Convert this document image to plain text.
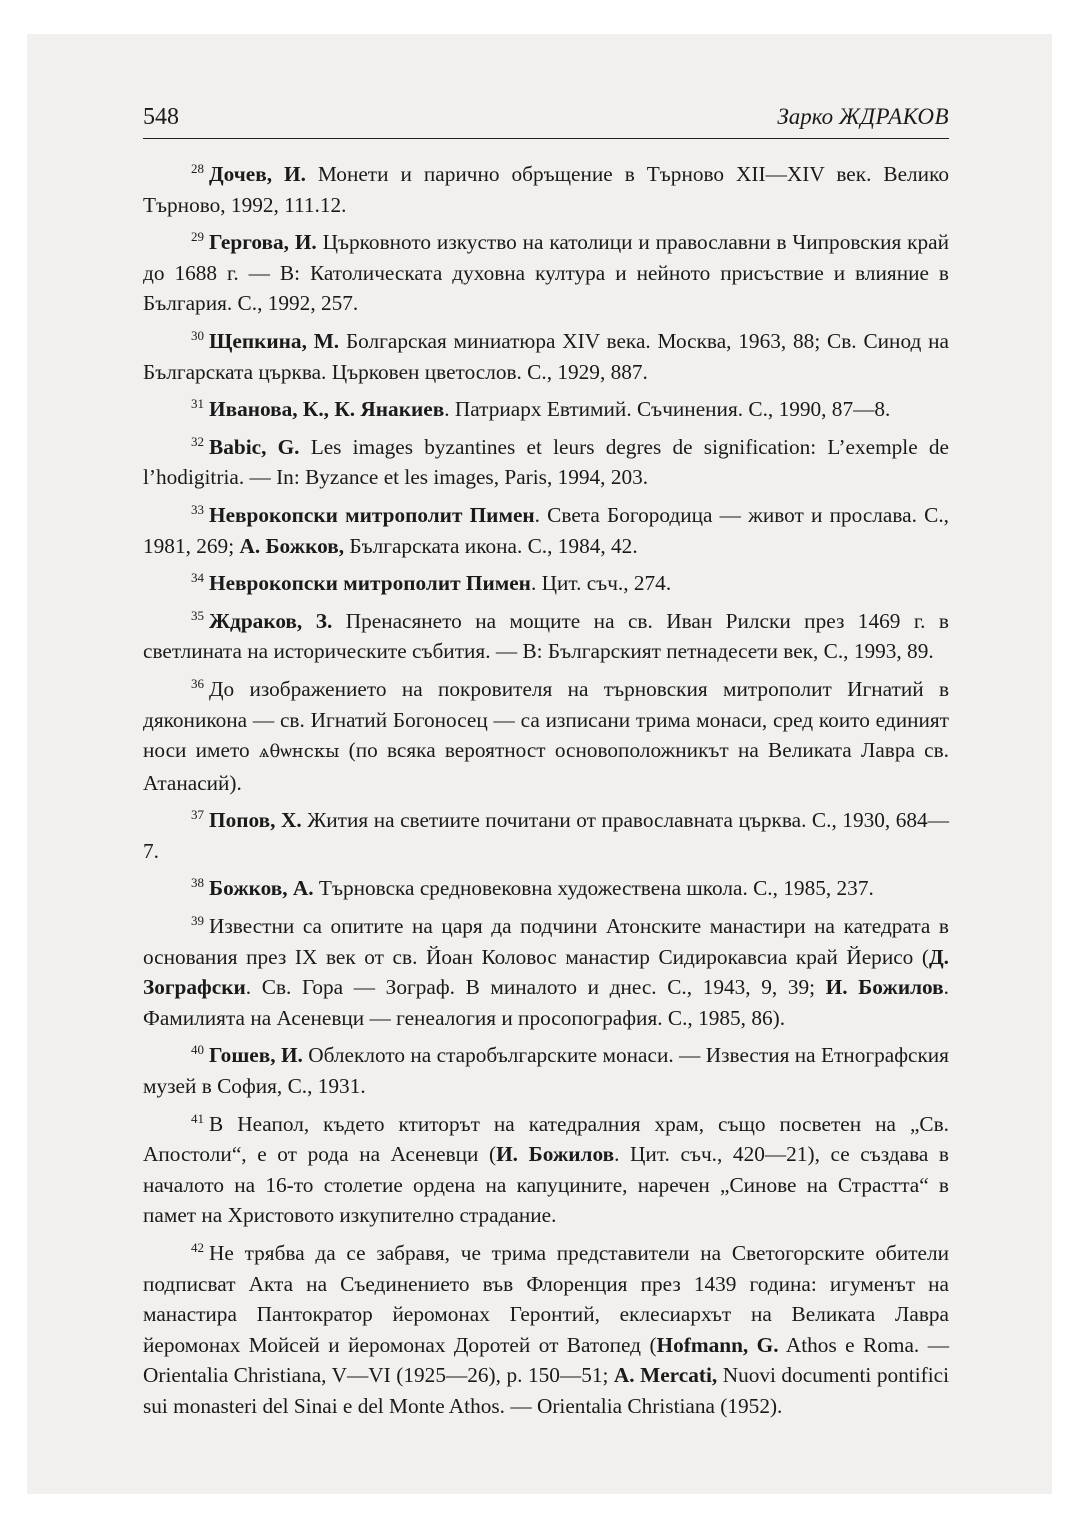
548	Зарко ЖДРАКОВ

$^{28}$ Дочев, И. Монети и парично обръщение в Търново XII—XIV век. Велико Търново, 1992, 111.12.

$^{29}$ Гергова, И. Църковното изкуство на католици и православни в Чипровския край до 1688 г. — В: Католическата духовна култура и нейното присъствие и влияние в България. С., 1992, 257.

$^{30}$ Щепкина, М. Болгарская миниатюра XIV века. Москва, 1963, 88; Св. Синод на Българската църква. Църковен цветослов. С., 1929, 887.

$^{31}$ Иванова, К., К. Янакиев. Патриарх Евтимий. Съчинения. С., 1990, 87—8.

$^{32}$ Babic, G. Les images byzantines et leurs degres de signification: L’exemple de l’hodigitria. — In: Byzance et les images, Paris, 1994, 203.

$^{33}$ Неврокопски митрополит Пимен. Света Богородица — живот и прослава. С., 1981, 269; А. Божков, Българската икона. С., 1984, 42.

$^{34}$ Неврокопски митрополит Пимен. Цит. съч., 274.

$^{35}$ Ждраков, З. Пренасянето на мощите на св. Иван Рилски през 1469 г. в светлината на историческите събития. — В: Българският петнадесети век, С., 1993, 89.

$^{36}$ До изображението на покровителя на търновския митрополит Игнатий в дяконикона — св. Игнатий Богоносец — са изписани трима монаси, сред които единият носи името ѧθѡнскы (по всяка вероятност основоположникът на Великата Лавра св. Атанасий).

$^{37}$ Попов, Х. Жития на светиите почитани от православната църква. С., 1930, 684—7.

$^{38}$ Божков, А. Търновска средновековна художествена школа. С., 1985, 237.

$^{39}$ Известни са опитите на царя да подчини Атонските манастири на катедрата в основания през IX век от св. Йоан Коловос манастир Сидирокавсиа край Йерисо (Д. Зографски. Св. Гора — Зограф. В миналото и днес. С., 1943, 9, 39; И. Божилов. Фамилията на Асеневци — генеалогия и просопография. С., 1985, 86).

$^{40}$ Гошев, И. Облеклото на старобългарските монаси. — Известия на Етнографския музей в София, С., 1931.

$^{41}$ В Неапол, където ктиторът на катедралния храм, също посветен на „Св. Апостоли“, е от рода на Асеневци (И. Божилов. Цит. съч., 420—21), се създава в началото на 16-то столетие ордена на капуцините, наречен „Синове на Страстта“ в памет на Христовото изкупително страдание.

$^{42}$ Не трябва да се забравя, че трима представители на Светогорските обители подписват Акта на Съединението във Флоренция през 1439 година: игуменът на манастира Пантократор йеромонах Геронтий, еклесиархът на Великата Лавра йеромонах Мойсей и йеромонах Доротей от Ватопед (Hofmann, G. Athos e Roma. — Orientalia Christiana, V—VI (1925—26), p. 150—51; A. Mercati, Nuovi documenti pontifici sui monasteri del Sinai e del Monte Athos. — Orientalia Christiana (1952).
